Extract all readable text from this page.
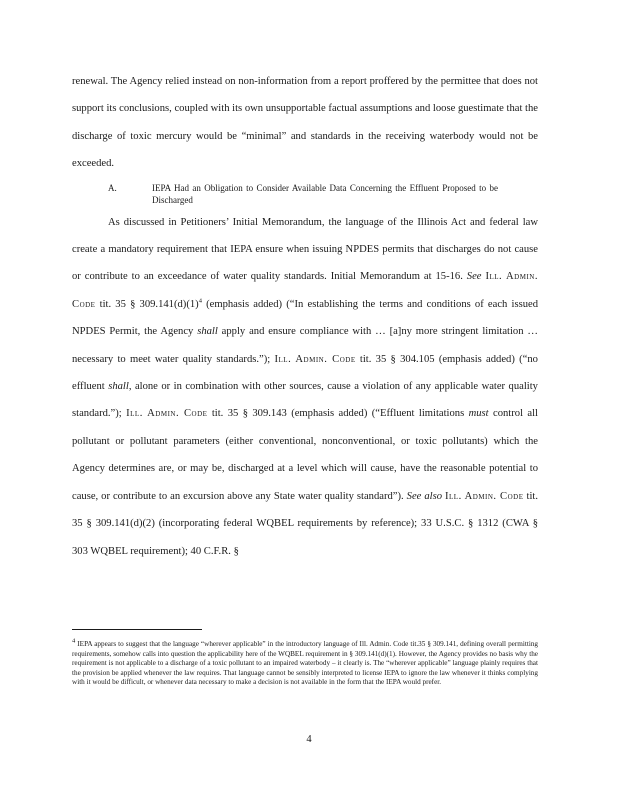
renewal. The Agency relied instead on non-information from a report proffered by the permittee that does not support its conclusions, coupled with its own unsupportable factual assumptions and loose guestimate that the discharge of toxic mercury would be “minimal” and standards in the receiving waterbody would not be exceeded.

A.	IEPA Had an Obligation to Consider Available Data Concerning the Effluent Proposed to be Discharged

As discussed in Petitioners’ Initial Memorandum, the language of the Illinois Act and federal law create a mandatory requirement that IEPA ensure when issuing NPDES permits that discharges do not cause or contribute to an exceedance of water quality standards. Initial Memorandum at 15-16. See Ill. Admin. Code tit. 35 § $309.141(d)(1)^4$ (emphasis added) (“In establishing the terms and conditions of each issued NPDES Permit, the Agency shall apply and ensure compliance with … [a]ny more stringent limitation … necessary to meet water quality standards.”); Ill. Admin. Code tit. 35 § 304.105 (emphasis added) (“no effluent shall, alone or in combination with other sources, cause a violation of any applicable water quality standard.”); Ill. Admin. Code tit. 35 § 309.143 (emphasis added) (“Effluent limitations must control all pollutant or pollutant parameters (either conventional, nonconventional, or toxic pollutants) which the Agency determines are, or may be, discharged at a level which will cause, have the reasonable potential to cause, or contribute to an excursion above any State water quality standard”). See also Ill. Admin. Code tit. 35 § 309.141(d)(2) (incorporating federal WQBEL requirements by reference); 33 U.S.C. § 1312 (CWA § 303 WQBEL requirement); 40 C.F.R. §

$^4$ IEPA appears to suggest that the language “wherever applicable” in the introductory language of Ill. Admin. Code tit.35 § 309.141, defining overall permitting requirements, somehow calls into question the applicability here of the WQBEL requirement in § 309.141(d)(1). However, the Agency provides no basis why the requirement is not applicable to a discharge of a toxic pollutant to an impaired waterbody – it clearly is. The “wherever applicable” language plainly requires that the provision be applied whenever the law requires. That language cannot be sensibly interpreted to license IEPA to ignore the law whenever it thinks complying with it would be difficult, or whenever data necessary to make a decision is not available in the form that the IEPA would prefer.

4
